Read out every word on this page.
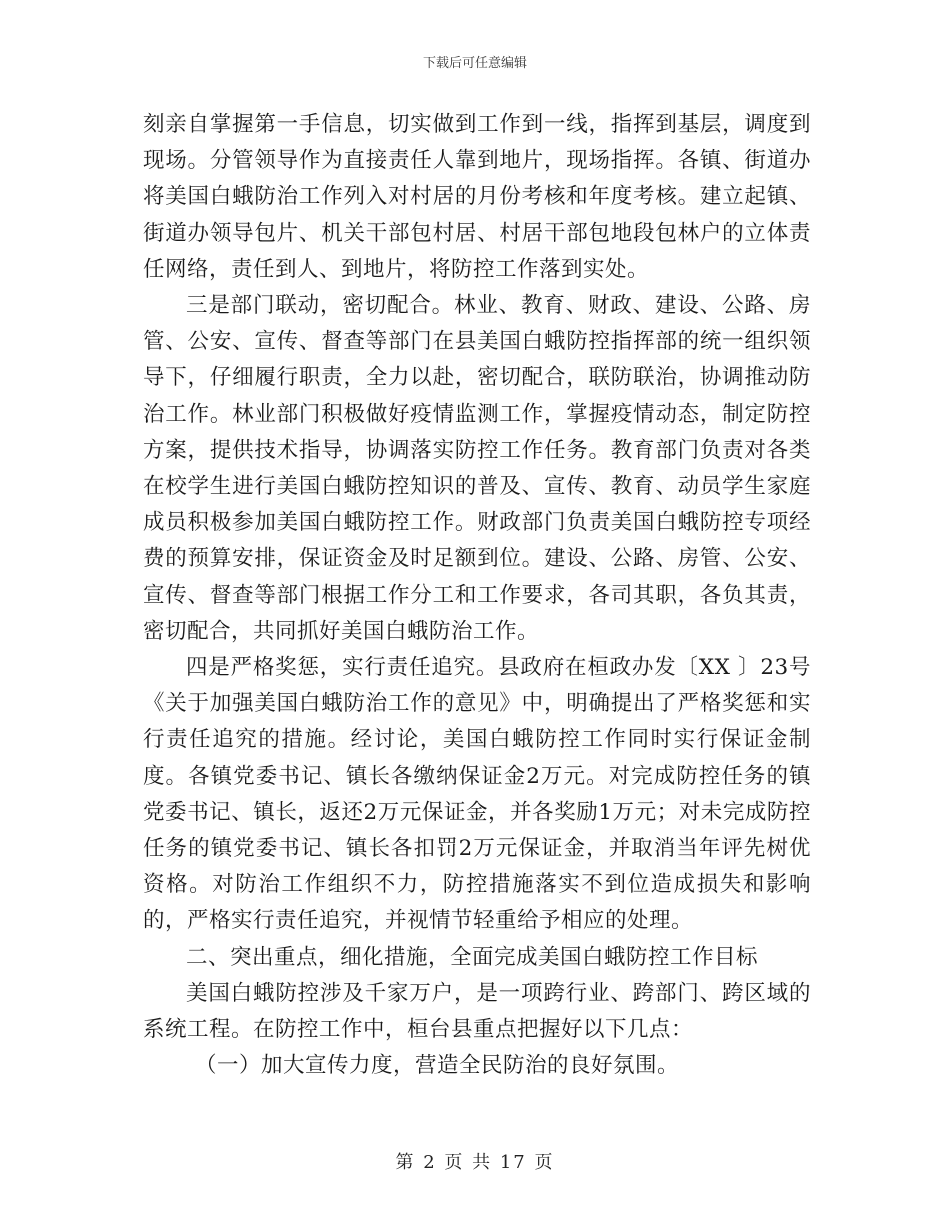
下载后可任意编辑

刻亲自掌握第一手信息，切实做到工作到一线，指挥到基层，调度到现场。分管领导作为直接责任人靠到地片，现场指挥。各镇、街道办将美国白蛾防治工作列入对村居的月份考核和年度考核。建立起镇、街道办领导包片、机关干部包村居、村居干部包地段包林户的立体责任网络，责任到人、到地片，将防控工作落到实处。

三是部门联动，密切配合。林业、教育、财政、建设、公路、房管、公安、宣传、督查等部门在县美国白蛾防控指挥部的统一组织领导下，仔细履行职责，全力以赴，密切配合，联防联治，协调推动防治工作。林业部门积极做好疫情监测工作，掌握疫情动态，制定防控方案，提供技术指导，协调落实防控工作任务。教育部门负责对各类在校学生进行美国白蛾防控知识的普及、宣传、教育、动员学生家庭成员积极参加美国白蛾防控工作。财政部门负责美国白蛾防控专项经费的预算安排，保证资金及时足额到位。建设、公路、房管、公安、宣传、督查等部门根据工作分工和工作要求，各司其职，各负其责，密切配合，共同抓好美国白蛾防治工作。

四是严格奖惩，实行责任追究。县政府在桓政办发〔XX 〕23号《关于加强美国白蛾防治工作的意见》中，明确提出了严格奖惩和实行责任追究的措施。经讨论，美国白蛾防控工作同时实行保证金制度。各镇党委书记、镇长各缴纳保证金2万元。对完成防控任务的镇党委书记、镇长，返还2万元保证金，并各奖励1万元；对未完成防控任务的镇党委书记、镇长各扣罚2万元保证金，并取消当年评先树优资格。对防治工作组织不力，防控措施落实不到位造成损失和影响的，严格实行责任追究，并视情节轻重给予相应的处理。

二、突出重点，细化措施，全面完成美国白蛾防控工作目标

美国白蛾防控涉及千家万户，是一项跨行业、跨部门、跨区域的系统工程。在防控工作中，桓台县重点把握好以下几点：

（一）加大宣传力度，营造全民防治的良好氛围。

第 2 页 共 17 页
